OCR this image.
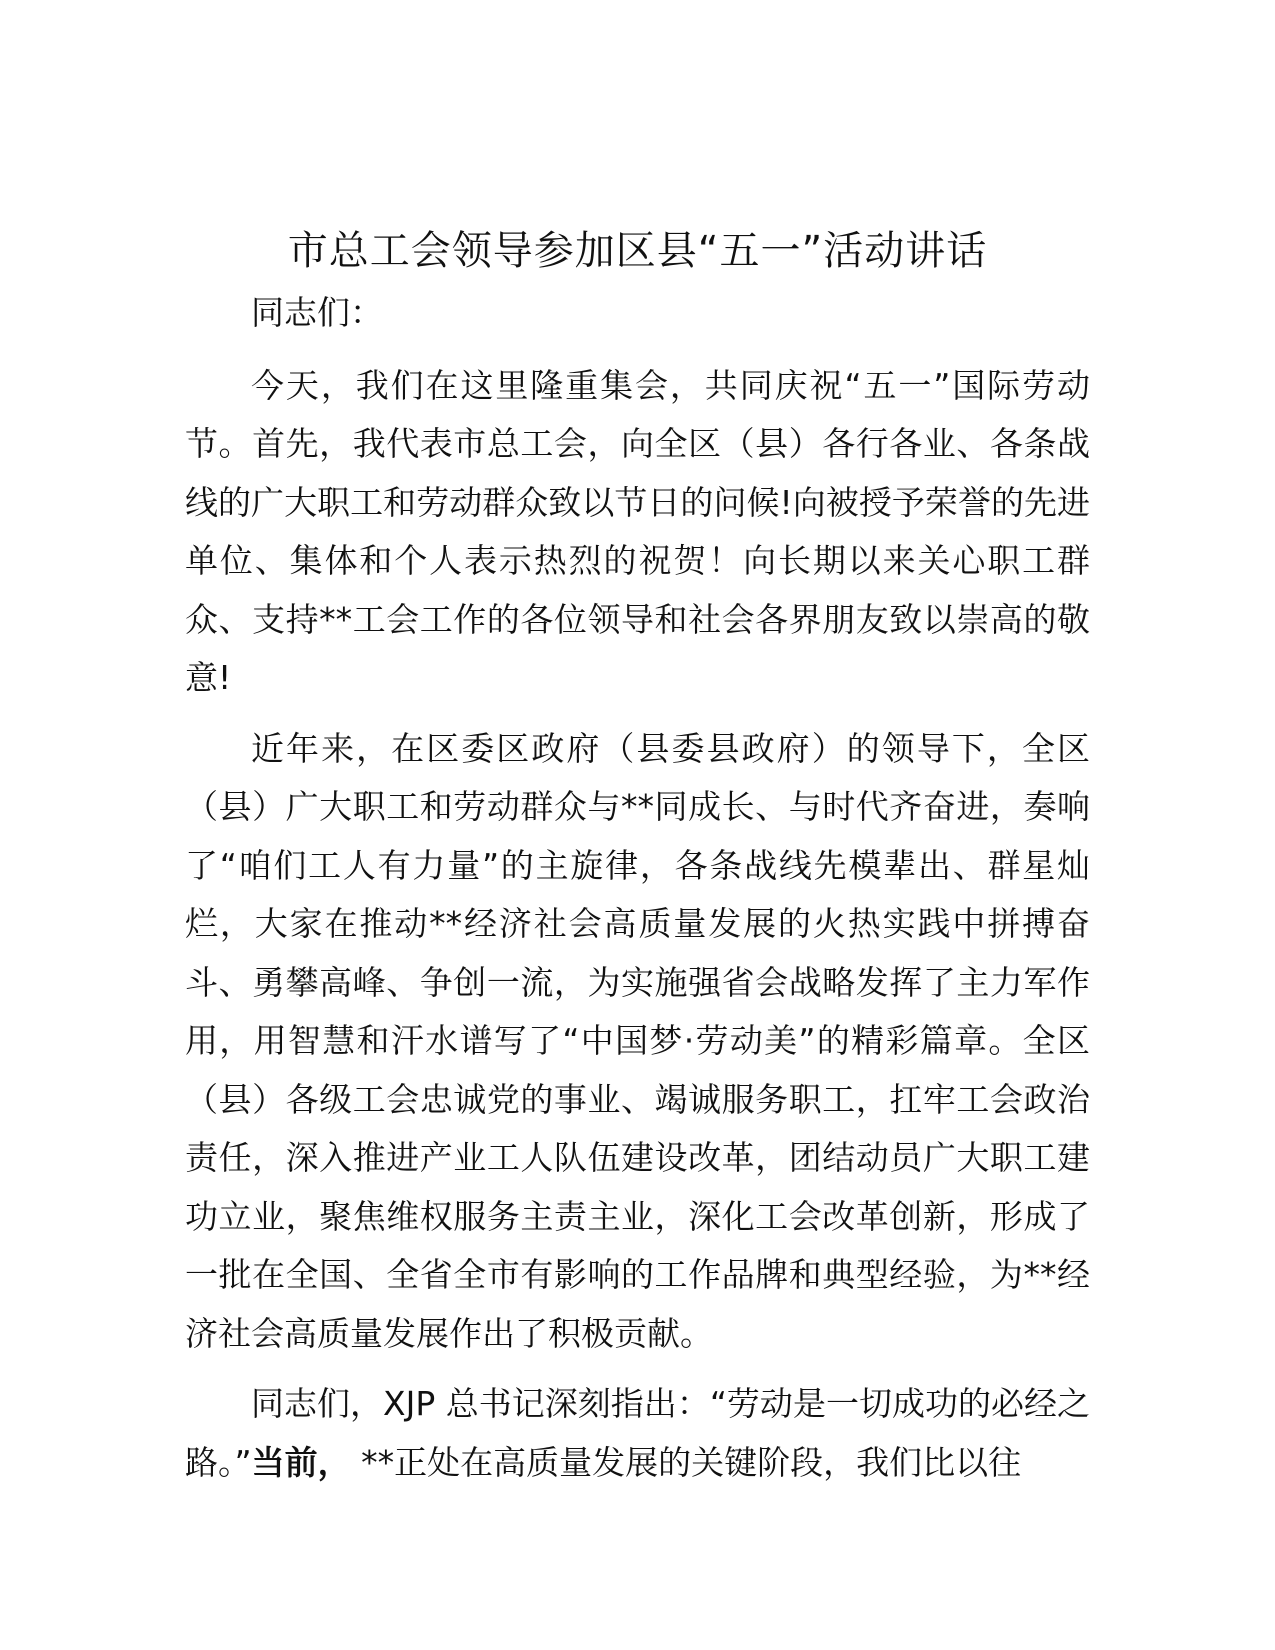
市总工会领导参加区县“五一”活动讲话

同志们：

今天，我们在这里隆重集会，共同庆祝“五一”国际劳动节。首先，我代表市总工会，向全区（县）各行各业、各条战线的广大职工和劳动群众致以节日的问候!向被授予荣誉的先进单位、集体和个人表示热烈的祝贺！向长期以来关心职工群众、支持**工会工作的各位领导和社会各界朋友致以崇高的敬意!

近年来，在区委区政府（县委县政府）的领导下，全区（县）广大职工和劳动群众与**同成长、与时代齐奋进，奏响了“咱们工人有力量”的主旋律，各条战线先模辈出、群星灿烂，大家在推动**经济社会高质量发展的火热实践中拼搏奋斗、勇攀高峰、争创一流，为实施强省会战略发挥了主力军作用，用智慧和汗水谱写了“中国梦·劳动美”的精彩篇章。全区（县）各级工会忠诚党的事业、竭诚服务职工，扛牢工会政治责任，深入推进产业工人队伍建设改革，团结动员广大职工建功立业，聚焦维权服务主责主业，深化工会改革创新，形成了一批在全国、全省全市有影响的工作品牌和典型经验，为**经济社会高质量发展作出了积极贡献。

同志们，XJP 总书记深刻指出：“劳动是一切成功的必经之路。”当前， **正处在高质量发展的关键阶段，我们比以往
